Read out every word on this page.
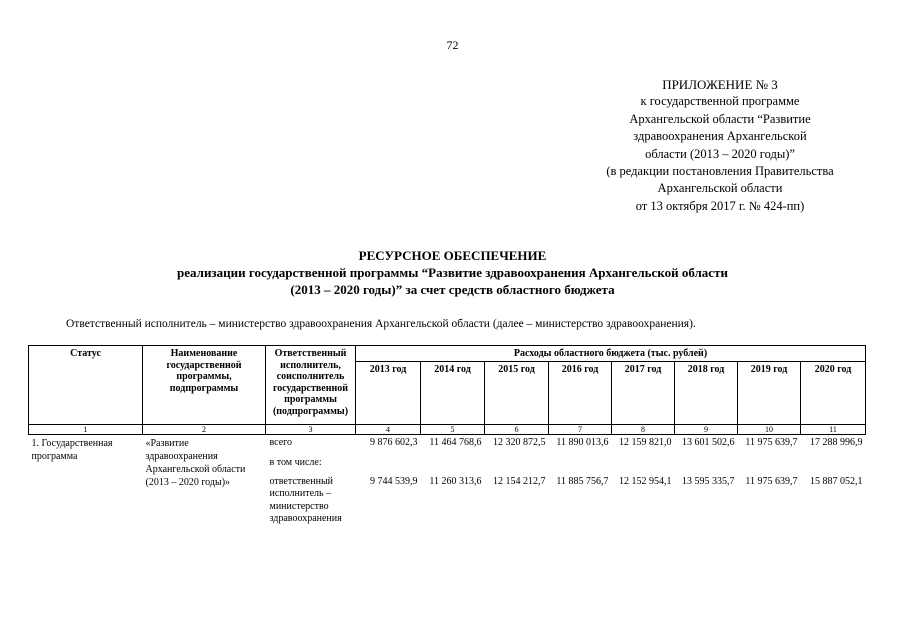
72
ПРИЛОЖЕНИЕ № 3
к государственной программе
Архангельской области “Развитие
здравоохранения Архангельской
области (2013 – 2020 годы)”
(в редакции постановления Правительства
Архангельской области
от 13 октября 2017 г. № 424-пп)
РЕСУРСНОЕ ОБЕСПЕЧЕНИЕ
реализации государственной программы “Развитие здравоохранения Архангельской области
(2013 – 2020 годы)” за счет средств областного бюджета
Ответственный исполнитель – министерство здравоохранения Архангельской области (далее – министерство здравоохранения).
Статус	Наименование государственной программы, подпрограммы	Ответственный исполнитель, соисполнитель государственной программы (подпрограммы)	Расходы областного бюджета (тыс. рублей)							
			2013 год	2014 год	2015 год	2016 год	2017 год	2018 год	2019 год	2020 год
1	2	3	4	5	6	7	8	9	10	11
1. Государственная программа	«Развитие здравоохранения Архангельской области (2013 – 2020 годы)»	всего	9 876 602,3	11 464 768,6	12 320 872,5	11 890 013,6	12 159 821,0	13 601 502,6	11 975 639,7	17 288 996,9
		в том числе:								
		ответственный исполнитель – министерство здравоохранения	9 744 539,9	11 260 313,6	12 154 212,7	11 885 756,7	12 152 954,1	13 595 335,7	11 975 639,7	15 887 052,1
